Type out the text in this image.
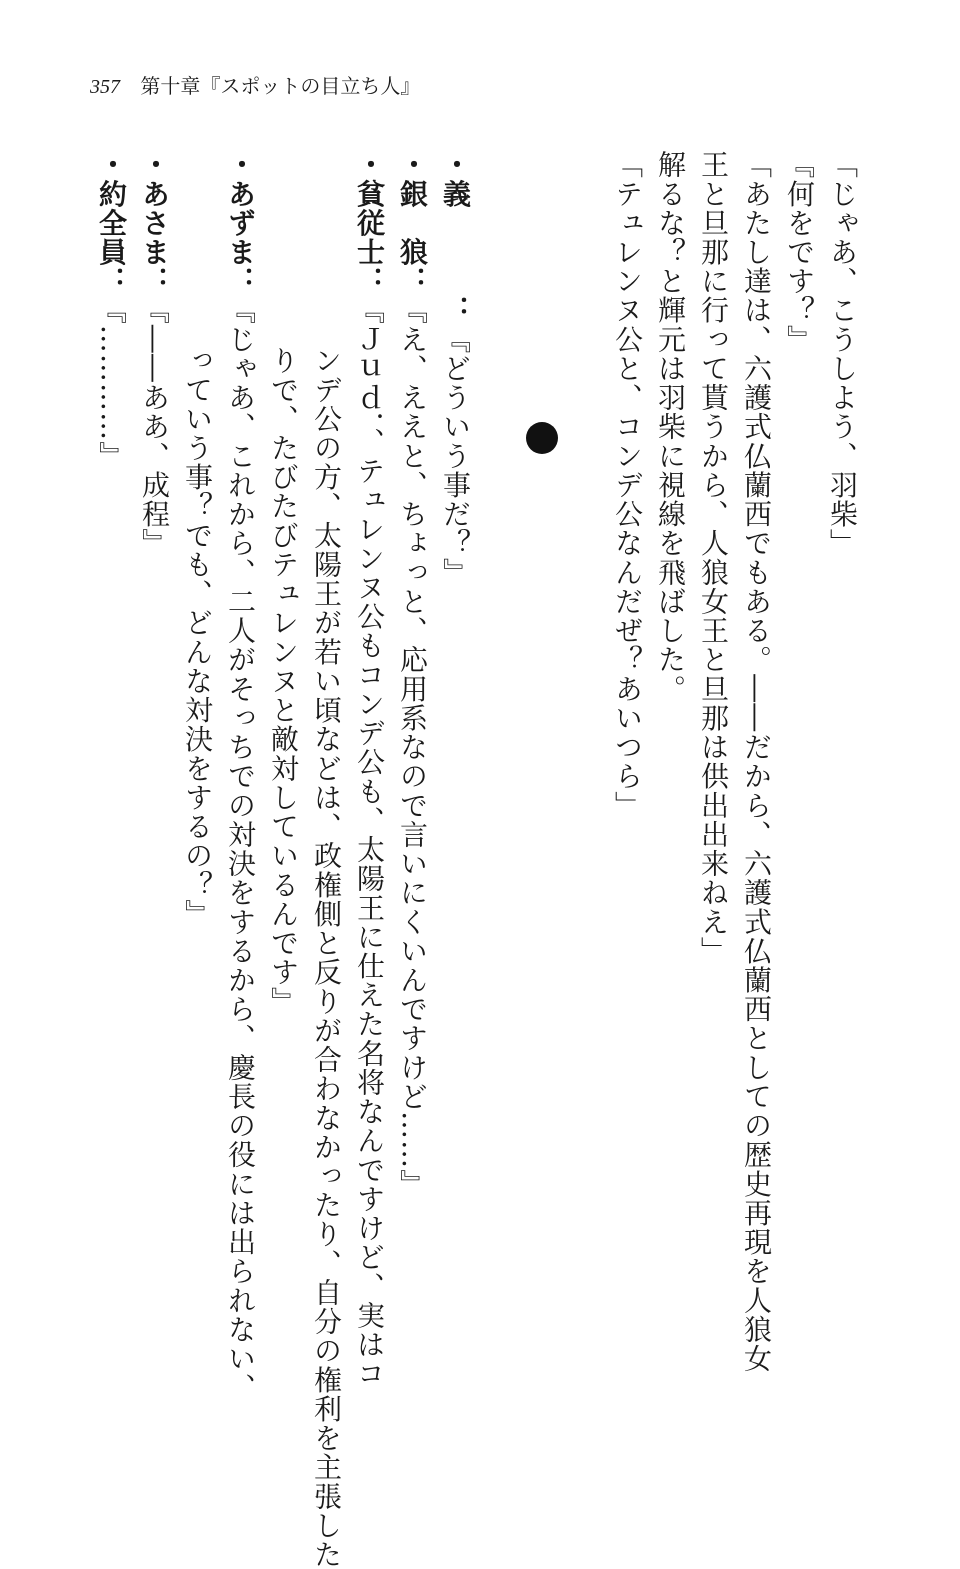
357 第十章『スポットの目立ち人』
「じゃあ、こうしよう、羽柴」
『何をです？』
「あたし達は、六護式仏蘭西でもある。――だから、六護式仏蘭西としての歴史再現を人狼女
王と旦那に行って貰うから、人狼女王と旦那は供出出来ねえ」
解るな？と輝元は羽柴に視線を飛ばした。
「テュレンヌ公と、コンデ公なんだぜ？あいつら」
・義　　　：『どういう事だ？』
・銀　狼：『え、ええと、ちょっと、応用系なので言いにくいんですけど……』
・貧従士：『Ｊｕｄ．、テュレンヌ公もコンデ公も、太陽王に仕えた名将なんですけど、実はコ
ンデ公の方、太陽王が若い頃などは、政権側と反りが合わなかったり、自分の権利を主張した
りで、たびたびテュレンヌと敵対しているんです』
・あずま：『じゃあ、これから、二人がそっちでの対決をするから、慶長の役には出られない、
っていう事？でも、どんな対決をするの？』
・あさま：『――ああ、成程』
・約全員：『…………』
